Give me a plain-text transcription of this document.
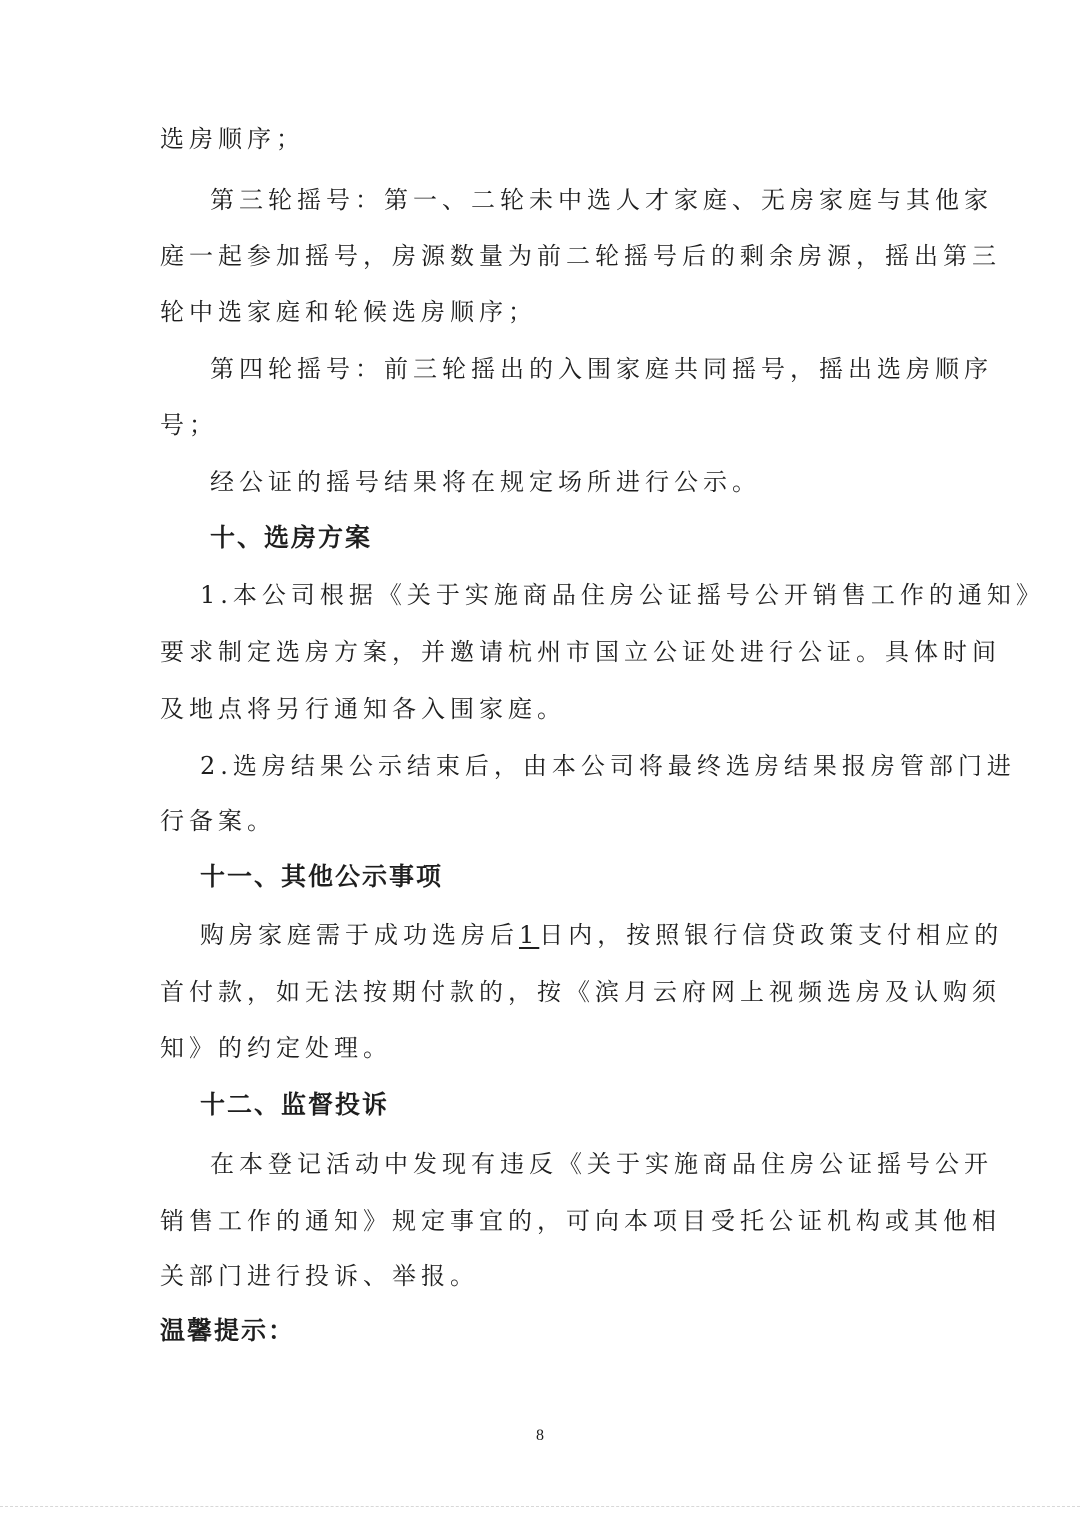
选房顺序；
第三轮摇号：第一、二轮未中选人才家庭、无房家庭与其他家
庭一起参加摇号，房源数量为前二轮摇号后的剩余房源，摇出第三
轮中选家庭和轮候选房顺序；
第四轮摇号：前三轮摇出的入围家庭共同摇号，摇出选房顺序
号；
经公证的摇号结果将在规定场所进行公示。
十、选房方案
1.本公司根据《关于实施商品住房公证摇号公开销售工作的通知》
要求制定选房方案，并邀请杭州市国立公证处进行公证。具体时间
及地点将另行通知各入围家庭。
2.选房结果公示结束后，由本公司将最终选房结果报房管部门进
行备案。
十一、其他公示事项
购房家庭需于成功选房后1日内，按照银行信贷政策支付相应的
首付款，如无法按期付款的，按《滨月云府网上视频选房及认购须
知》的约定处理。
十二、监督投诉
在本登记活动中发现有违反《关于实施商品住房公证摇号公开
销售工作的通知》规定事宜的，可向本项目受托公证机构或其他相
关部门进行投诉、举报。
温馨提示：
8
